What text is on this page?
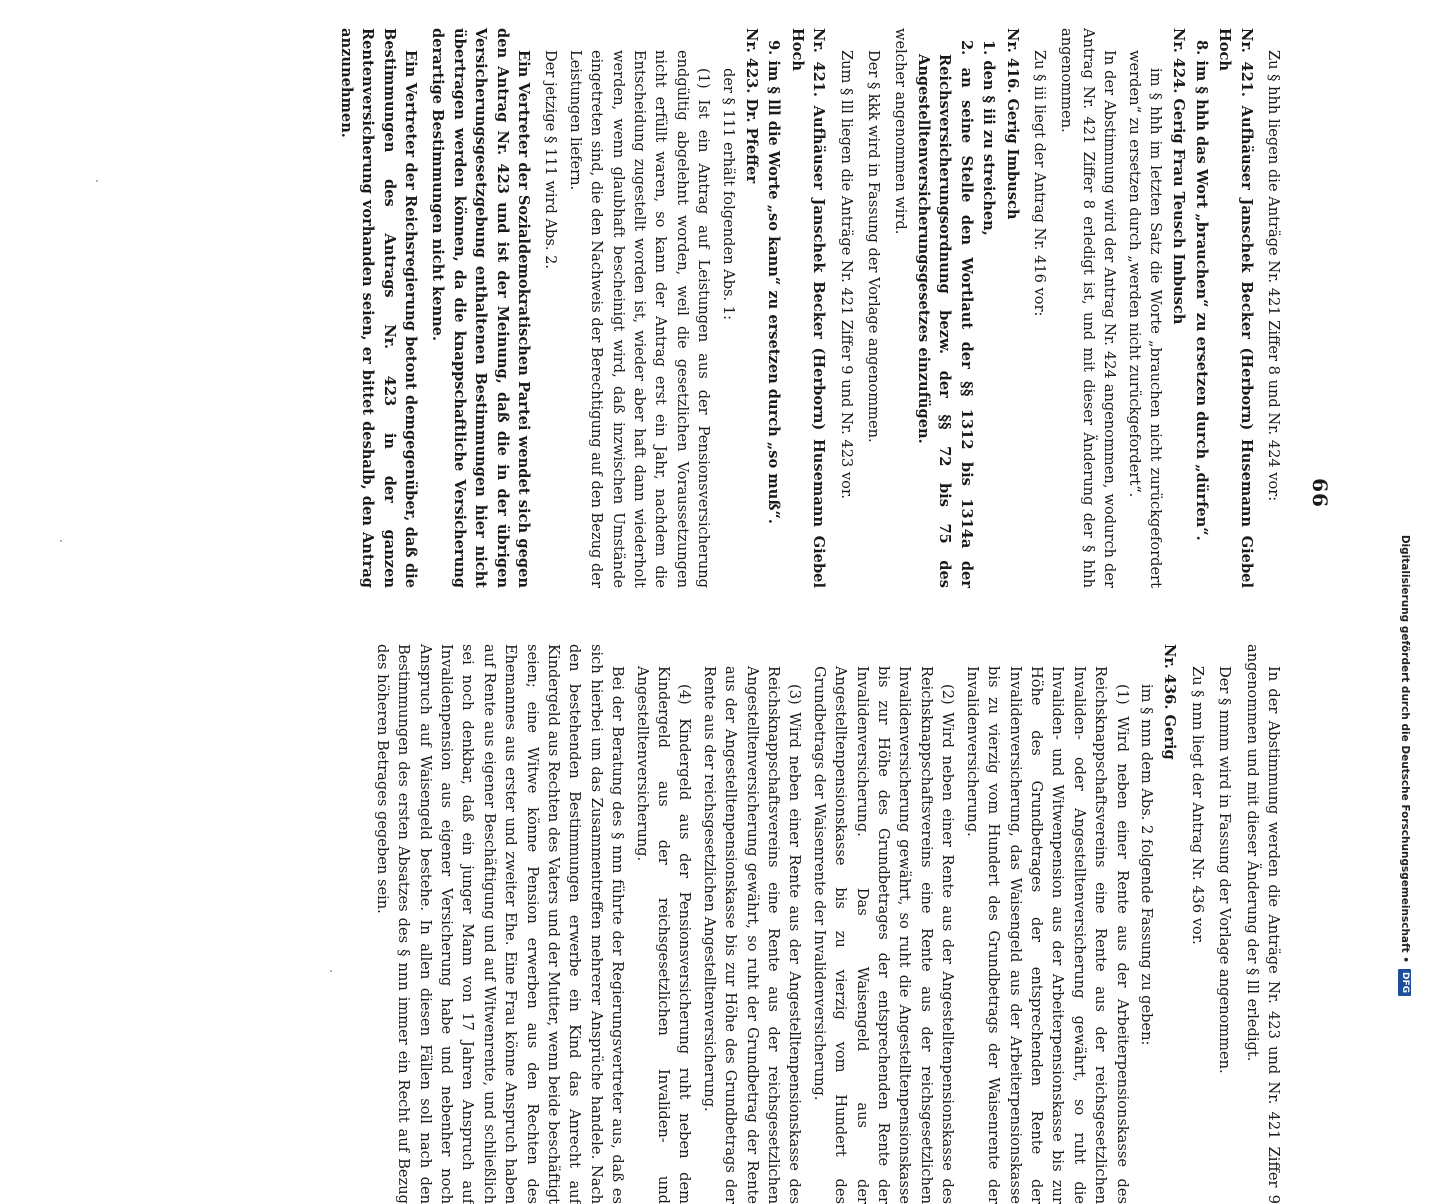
66

Zu § hhh liegen die Anträge Nr. 421 Ziffer 8 und Nr. 424 vor:

Nr. 421. Aufhäuser Janschek Becker (Herborn) Husemann Giebel Hoch

8. im § hhh das Wort „brauchen“ zu ersetzen durch „dürfen“.

Nr. 424. Gerig Frau Teusch Imbusch

im § hhh im letzten Satz die Worte „brauchen nicht zurückgefordert werden“ zu ersetzen durch „werden nicht zurückgefordert“.

In der Abstimmung wird der Antrag Nr. 424 angenommen, wodurch der Antrag Nr. 421 Ziffer 8 erledigt ist, und mit dieser Änderung der § hhh angenommen.

Zu § iii liegt der Antrag Nr. 416 vor:

Nr. 416. Gerig Imbusch

1. den § iii zu streichen,

2. an seine Stelle den Wortlaut der §§ 1312 bis 1314a der Reichsversicherungsordnung bezw. der §§ 72 bis 75 des Angestelltenversicherungsgesetzes einzufügen.

welcher angenommen wird.

Der § kkk wird in Fassung der Vorlage angenommen.

Zum § lll liegen die Anträge Nr. 421 Ziffer 9 und Nr. 423 vor.

Nr. 421. Aufhäuser Janschek Becker (Herborn) Husemann Giebel Hoch

9. im § lll die Worte „so kann“ zu ersetzen durch „so muß“.

Nr. 423. Dr. Pfeffer

der § 111 erhält folgenden Abs. 1:

(1) Ist ein Antrag auf Leistungen aus der Pensionsversicherung endgültig abgelehnt worden, weil die gesetzlichen Voraussetzungen nicht erfüllt waren, so kann der Antrag erst ein Jahr, nachdem die Entscheidung zugestellt worden ist, wieder aber haft dann wiederholt werden, wenn glaubhaft bescheinigt wird, daß inzwischen Umstände eingetreten sind, die den Nachweis der Berechtigung auf den Bezug der Leistungen liefern.

Der jetzige § 111 wird Abs. 2.

Ein Vertreter der Sozialdemokratischen Partei wendet sich gegen den Antrag Nr. 423 und ist der Meinung, daß die in der übrigen Versicherungsgesetzgebung enthaltenen Bestimmungen hier nicht übertragen werden können, da die knappschaftliche Versicherung derartige Bestimmungen nicht kenne.

Ein Vertreter der Reichsregierung betont demgegenüber, daß die Bestimmungen des Antrags Nr. 423 in der ganzen Rentenversicherung vorhanden seien, er bittet deshalb, den Antrag anzunehmen.

In der Abstimmung werden die Anträge Nr. 423 und Nr. 421 Ziffer 9 angenommen und mit dieser Änderung der § lll erledigt.

Der § mmm wird in Fassung der Vorlage angenommen.

Zu § nnn liegt der Antrag Nr. 436 vor.

Nr. 436. Gerig

im § nnn dem Abs. 2 folgende Fassung zu geben:

(1) Wird neben einer Rente aus der Arbeiterpensionskasse des Reichsknappschaftsvereins eine Rente aus der reichsgesetzlichen Invaliden- oder Angestelltenversicherung gewährt, so ruht die Invaliden- und Witwenpension aus der Arbeiterpensionskasse bis zur Höhe des Grundbetrages der entsprechenden Rente der Invalidenversicherung, das Waisengeld aus der Arbeiterpensionskasse bis zu vierzig vom Hundert des Grundbetrags der Waisenrente der Invalidenversicherung.

(2) Wird neben einer Rente aus der Angestelltenpensionskasse des Reichsknappschaftsvereins eine Rente aus der reichsgesetzlichen Invalidenversicherung gewährt, so ruht die Angestelltenpensionskasse bis zur Höhe des Grundbetrages der entsprechenden Rente der Invalidenversicherung. Das Waisengeld aus der Angestelltenpensionskasse bis zu vierzig vom Hundert des Grundbetrags der Waisenrente der Invalidenversicherung.

(3) Wird neben einer Rente aus der Angestelltenpensionskasse des Reichsknappschaftsvereins eine Rente aus der reichsgesetzlichen Angestelltenversicherung gewährt, so ruht der Grundbetrag der Rente aus der Angestelltenpensionskasse bis zur Höhe des Grundbetrags der Rente aus der reichsgesetzlichen Angestelltenversicherung.

(4) Kindergeld aus der Pensionsversicherung ruht neben dem Kindergeld aus der reichsgesetzlichen Invaliden- und Angestelltenversicherung.

Bei der Beratung des § nnn führte der Regierungsvertreter aus, daß es sich hierbei um das Zusammentreffen mehrerer Ansprüche handele. Nach den bestehenden Bestimmungen erwerbe ein Kind das Anrecht auf Kindergeld aus Rechten des Vaters und der Mutter, wenn beide beschäftigt seien; eine Witwe könne Pension erwerben aus den Rechten des Ehemannes aus erster und zweiter Ehe. Eine Frau könne Anspruch haben auf Rente aus eigener Beschäftigung und auf Witwenrente, und schließlich sei noch denkbar, daß ein junger Mann von 17 Jahren Anspruch auf Invalidenpension aus eigener Versicherung habe und nebenher noch Anspruch auf Waisengeld bestehe. In allen diesen Fällen soll nach den Bestimmungen des ersten Absatzes des § nnn immer ein Recht auf Bezug des höheren Betrages gegeben sein.	Digitalisierung gefördert durch die Deutsche Forschungsgemeinschaft •
DFG
